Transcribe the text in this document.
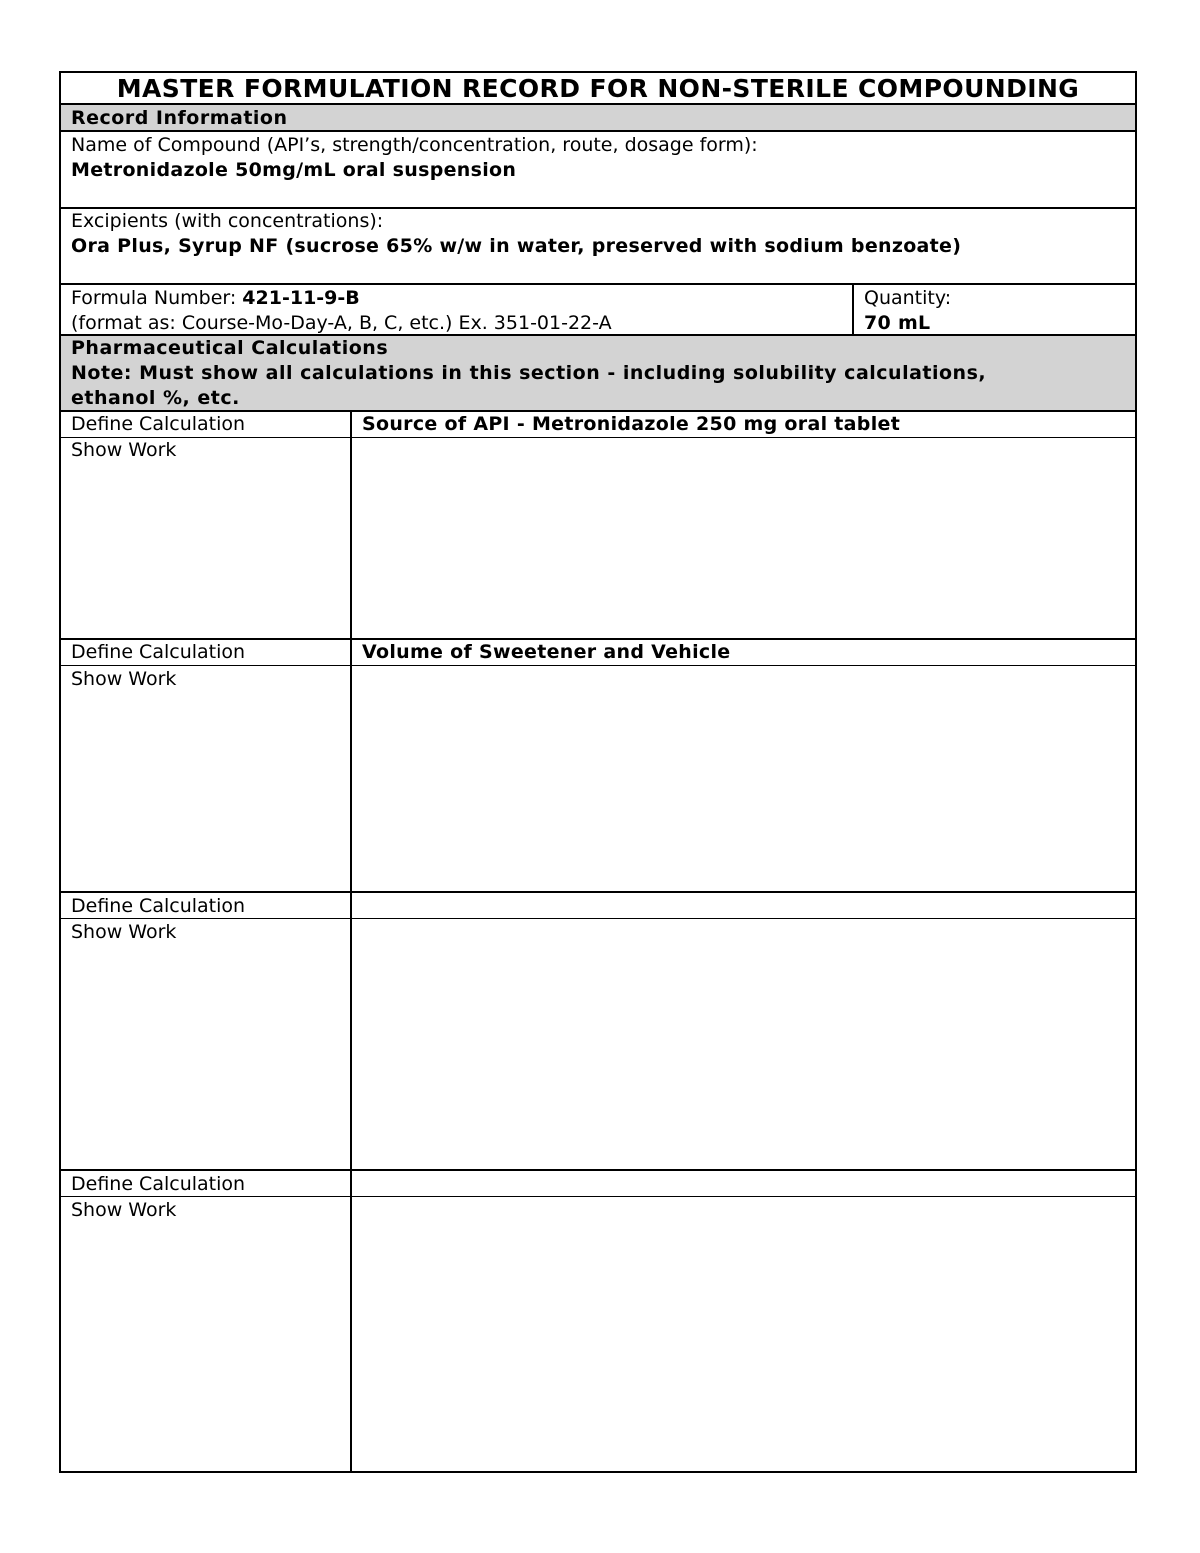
MASTER FORMULATION RECORD FOR NON-STERILE COMPOUNDING
Record Information
Name of Compound (API’s, strength/concentration, route, dosage form):
Metronidazole 50mg/mL oral suspension
Excipients (with concentrations):
Ora Plus, Syrup NF (sucrose 65% w/w in water, preserved with sodium benzoate)
Formula Number: 421-11-9-B
(format as: Course-Mo-Day-A, B, C, etc.) Ex. 351-01-22-A
Quantity:
70 mL
Pharmaceutical Calculations
Note: Must show all calculations in this section - including solubility calculations,
ethanol %, etc.
Define Calculation	Source of API - Metronidazole 250 mg oral tablet
Show Work
Define Calculation	Volume of Sweetener and Vehicle
Show Work
Define Calculation
Show Work
Define Calculation
Show Work
